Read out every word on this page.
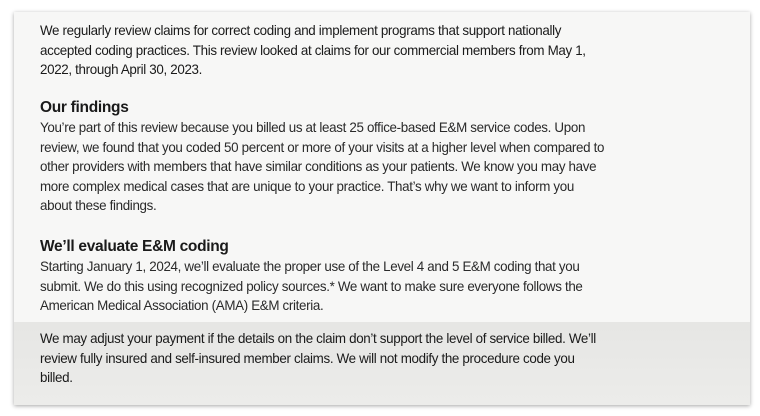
We regularly review claims for correct coding and implement programs that support nationally
accepted coding practices. This review looked at claims for our commercial members from May 1,
2022, through April 30, 2023.
Our findings
You’re part of this review because you billed us at least 25 office-based E&M service codes. Upon
review, we found that you coded 50 percent or more of your visits at a higher level when compared to
other providers with members that have similar conditions as your patients. We know you may have
more complex medical cases that are unique to your practice. That’s why we want to inform you
about these findings.
We’ll evaluate E&M coding
Starting January 1, 2024, we’ll evaluate the proper use of the Level 4 and 5 E&M coding that you
submit. We do this using recognized policy sources.* We want to make sure everyone follows the
American Medical Association (AMA) E&M criteria.
We may adjust your payment if the details on the claim don’t support the level of service billed. We’ll
review fully insured and self-insured member claims. We will not modify the procedure code you
billed.
